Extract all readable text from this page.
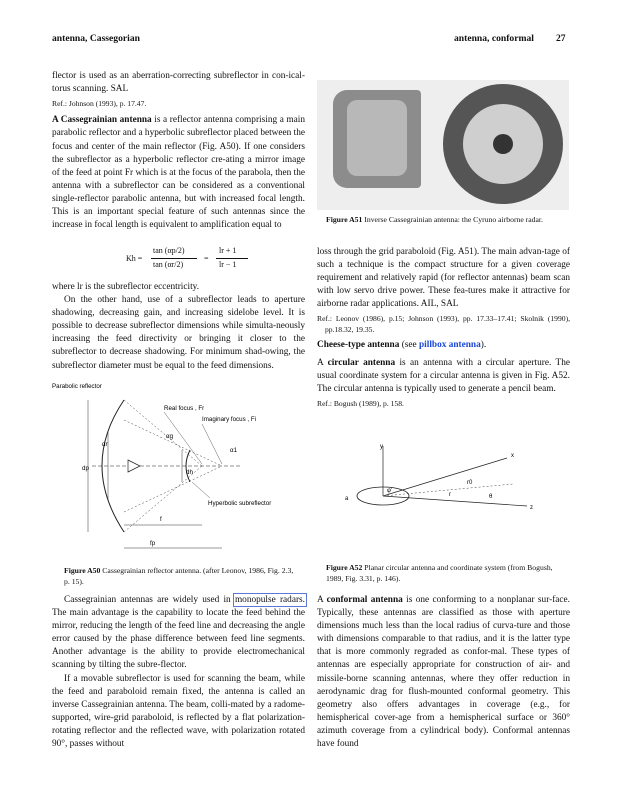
antenna, Cassegorian	antenna, conformal 27

flector is used as an aberration-correcting subreflector in con-ical-torus scanning. SAL

Ref.: Johnson (1993), p. 17.47.

A Cassegrainian antenna is a reflector antenna comprising a main parabolic reflector and a hyperbolic subreflector placed between the focus and center of the main reflector (Fig. A50). If one considers the subreflector as a hyperbolic reflector cre-ating a mirror image of the feed at point Fr which is at the focus of the parabola, then the antenna with a subreflector can be considered as a conventional single-reflector parabolic antenna, but with increased focal length. This is an important special feature of such antennas since the increase in focal length is equivalent to amplification equal to

Kh =
tan (αp/2)
tan (αr/2)
=
lr + 1
lr − 1

where lr is the subreflector eccentricity.

On the other hand, use of a subreflector leads to aperture shadowing, decreasing gain, and increasing sidelobe level. It is possible to decrease subreflector dimensions while simulta-neously increasing the feed directivity or bringing it closer to the subreflector to decrease shadowing. For minimum shad-owing, the subreflector diameter must be equal to the feed dimensions.

Parabolic reflector
Real focus , Fr
Imaginary focus , Fi
αg
α1
dp
dr
dh
Hyperbolic subreflector
f
fp
Figure A50 Cassegrainian reflector antenna. (after Leonov, 1986, Fig. 2.3, p. 15).

Cassegrainian antennas are widely used in monopulse radars. The main advantage is the capability to locate the feed behind the mirror, reducing the length of the feed line and decreasing the angle error caused by the phase difference between feed line segments. Another advantage is the ability to provide electromechanical scanning by tilting the subre-flector.

If a movable subreflector is used for scanning the beam, while the feed and paraboloid remain fixed, the antenna is called an inverse Cassegrainian antenna. The beam, colli-mated by a radome-supported, wire-grid paraboloid, is reflected by a flat polarization-rotating reflector and the reflected wave, with polarization rotated 90°, passes without

Figure A51 Inverse Cassegrainian antenna: the Cyruno airborne radar.

loss through the grid paraboloid (Fig. A51). The main advan-tage of such a technique is the compact structure for a given coverage requirement and relatively rapid (for reflector antennas) beam scan with low servo drive power. These fea-tures make it attractive for airborne radar applications. AIL, SAL

Ref.: Leonov (1986), p.15; Johnson (1993), pp. 17.33–17.41; Skolnik (1990), pp.18.32, 19.35.

Cheese-type antenna (see pillbox antenna).

A circular antenna is an antenna with a circular aperture. The usual coordinate system for a circular antenna is given in Fig. A52. The circular antenna is typically used to generate a pencil beam.

Ref.: Bogush (1989), p. 158.

y
z
x
r0
r
a
φ'
θ
Figure A52 Planar circular antenna and coordinate system (from Bogush, 1989, Fig. 3.31, p. 146).

A conformal antenna is one conforming to a nonplanar sur-face. Typically, these antennas are classified as those with aperture dimensions much less than the local radius of curva-ture and those with dimensions comparable to that radius, and it is the latter type that is more commonly regraded as confor-mal. These types of antennas are especially appropriate for construction of air- and missile-borne scanning antennas, where they offer reduction in aerodynamic drag for flush-mounted conformal geometry. This geometry also offers advantages in coverage (e.g., for hemispherical cover-age from a hemispherical surface or 360° azimuth coverage from a cylindrical body). Conformal antennas have found
